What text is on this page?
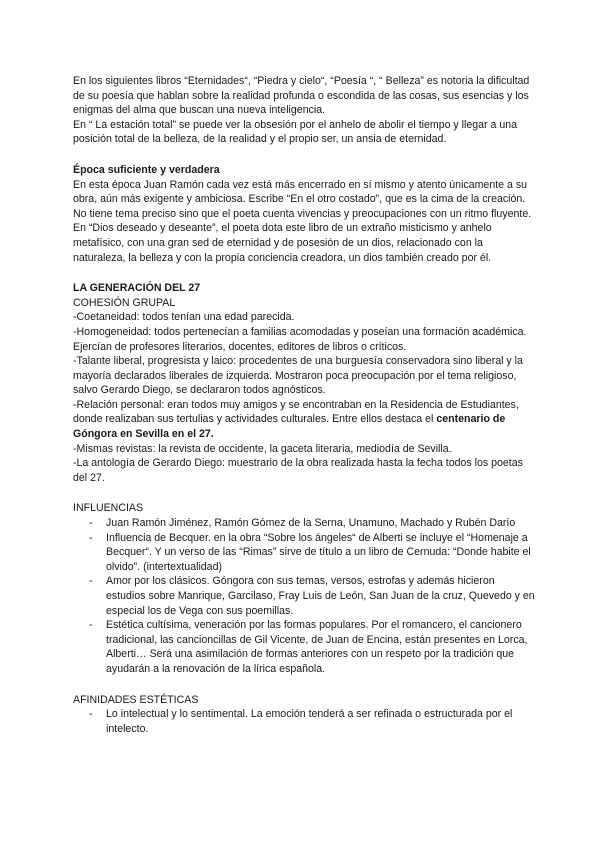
En los siguientes libros “Eternidades“, “Piedra y cielo“, “Poesía “, “ Belleza” es notoria la dificultad de su poesía que hablan sobre la realidad profunda o escondida de las cosas, sus esencias y los enigmas del alma que buscan una nueva inteligencia.

En “ La estación total” se puede ver la obsesión por el anhelo de abolir el tiempo y llegar a una posición total de la belleza, de la realidad y el propio ser, un ansia de eternidad.

Época suficiente y verdadera

En esta época Juan Ramón cada vez está más encerrado en sí mismo y atento únicamente a su obra, aún más exigente y ambiciosa. Escribe “En el otro costado”, que es la cima de la creación. No tiene tema preciso sino que el poeta cuenta vivencias y preocupaciones con un ritmo fluyente.

En “Dios deseado y deseante”, el poeta dota este libro de un extraño misticismo y anhelo metafísico, con una gran sed de eternidad y de posesión de un dios, relacionado con la naturaleza, la belleza y con la propia conciencia creadora, un dios también creado por él.

LA GENERACIÓN DEL 27

COHESIÓN GRUPAL

-Coetaneidad: todos tenían una edad parecida.

-Homogeneidad: todos pertenecían a familias acomodadas y poseían una formación académica. Ejercían de profesores literarios, docentes, editores de libros o críticos.

-Talante liberal, progresista y laico: procedentes de una burguesía conservadora sino liberal y la mayoría declarados liberales de izquierda. Mostraron poca preocupación por el tema religioso, salvo Gerardo Diego, se declararon todos agnósticos.

-Relación personal: eran todos muy amigos y se encontraban en la Residencia de Estudiantes, donde realizaban sus tertulias y actividades culturales. Entre ellos destaca el centenario de Góngora en Sevilla en el 27.

-Mismas revistas: la revista de occidente, la gaceta literaria, mediodía de Sevilla.

-La antología de Gerardo Diego: muestrario de la obra realizada hasta la fecha todos los poetas del 27.

INFLUENCIAS

- Juan Ramón Jiménez, Ramón Gómez de la Serna, Unamuno, Machado y Rubén Darío
- Influencia de Becquer. en la obra “Sobre los ángeles“ de Alberti se incluye el “Homenaje a Becquer“. Y un verso de las “Rimas” sirve de título a un libro de Cernuda: “Donde habite el olvido”. (intertextualidad)
- Amor por los clásicos. Góngora con sus temas, versos, estrofas y además hicieron estudios sobre Manrique, Garcilaso, Fray Luis de León, San Juan de la cruz, Quevedo y en especial los de Vega con sus poemillas.
- Estética cultísima, veneración por las formas populares. Por el romancero, el cancionero tradicional, las cancioncillas de Gil Vicente, de Juan de Encina, están presentes en Lorca, Alberti… Será una asimilación de formas anteriores con un respeto por la tradición que ayudarán a la renovación de la lírica española.

AFINIDADES ESTÉTICAS

- Lo intelectual y lo sentimental. La emoción tenderá a ser refinada o estructurada por el intelecto.
